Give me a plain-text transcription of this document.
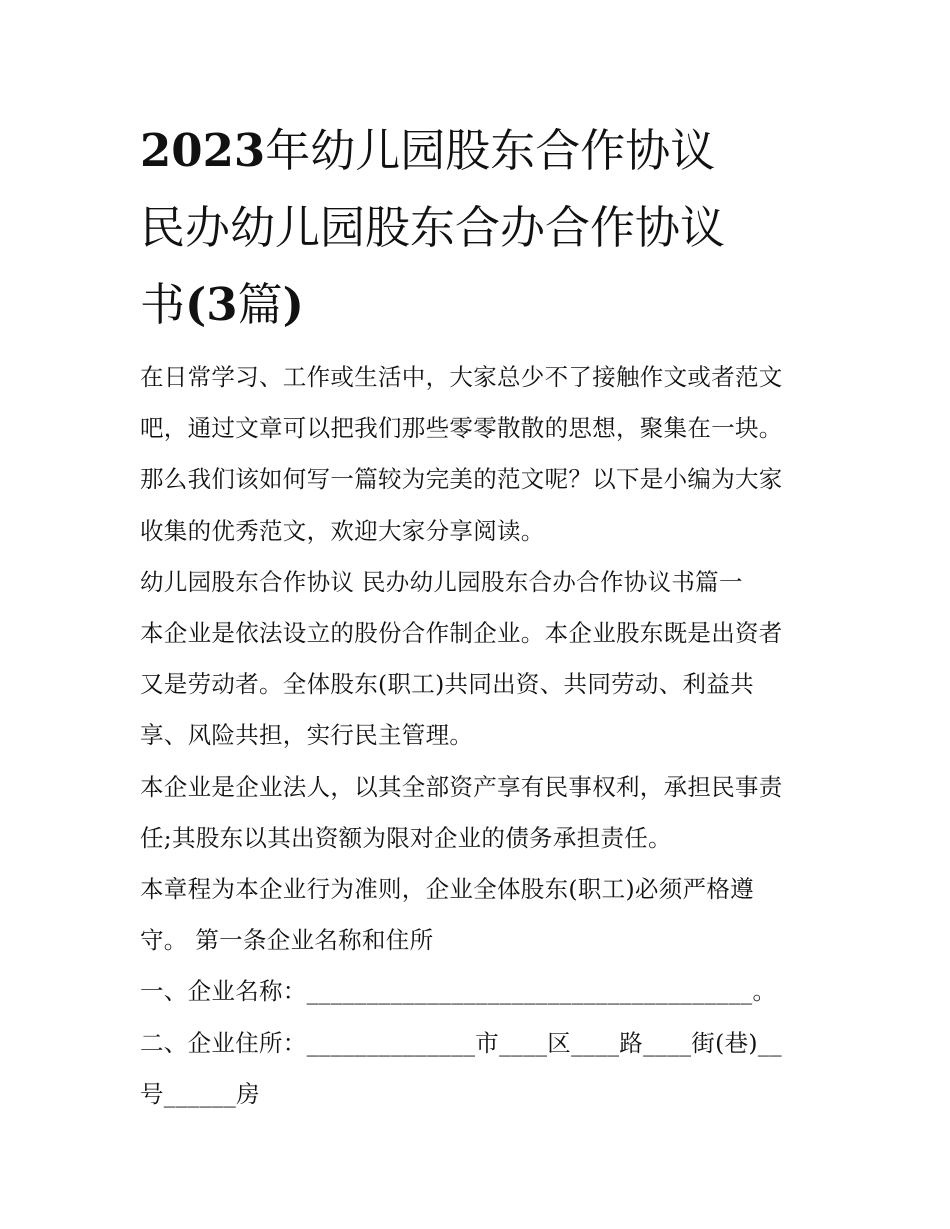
2023年幼儿园股东合作协议
民办幼儿园股东合办合作协议
书(3篇)
在日常学习、工作或生活中，大家总少不了接触作文或者范文
吧，通过文章可以把我们那些零零散散的思想，聚集在一块。
那么我们该如何写一篇较为完美的范文呢？以下是小编为大家
收集的优秀范文，欢迎大家分享阅读。
幼儿园股东合作协议 民办幼儿园股东合办合作协议书篇一
本企业是依法设立的股份合作制企业。本企业股东既是出资者
又是劳动者。全体股东(职工)共同出资、共同劳动、利益共
享、风险共担，实行民主管理。
本企业是企业法人，以其全部资产享有民事权利，承担民事责
任;其股东以其出资额为限对企业的债务承担责任。
本章程为本企业行为准则，企业全体股东(职工)必须严格遵
守。 第一条企业名称和住所
一、企业名称：_____________________________________。
二、企业住所：______________市____区____路____街(巷)__
号______房
